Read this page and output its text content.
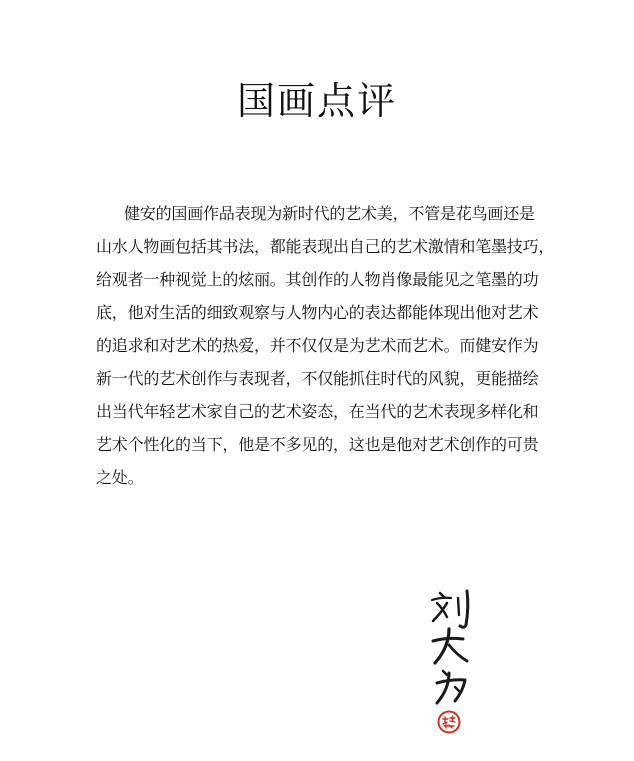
国画点评
健安的国画作品表现为新时代的艺术美，不管是花鸟画还是
山水人物画包括其书法，都能表现出自己的艺术激情和笔墨技巧，
给观者一种视觉上的炫丽。其创作的人物肖像最能见之笔墨的功
底，他对生活的细致观察与人物内心的表达都能体现出他对艺术
的追求和对艺术的热爱，并不仅仅是为艺术而艺术。而健安作为
新一代的艺术创作与表现者，不仅能抓住时代的风貌，更能描绘
出当代年轻艺术家自己的艺术姿态，在当代的艺术表现多样化和
艺术个性化的当下，他是不多见的，这也是他对艺术创作的可贵
之处。
